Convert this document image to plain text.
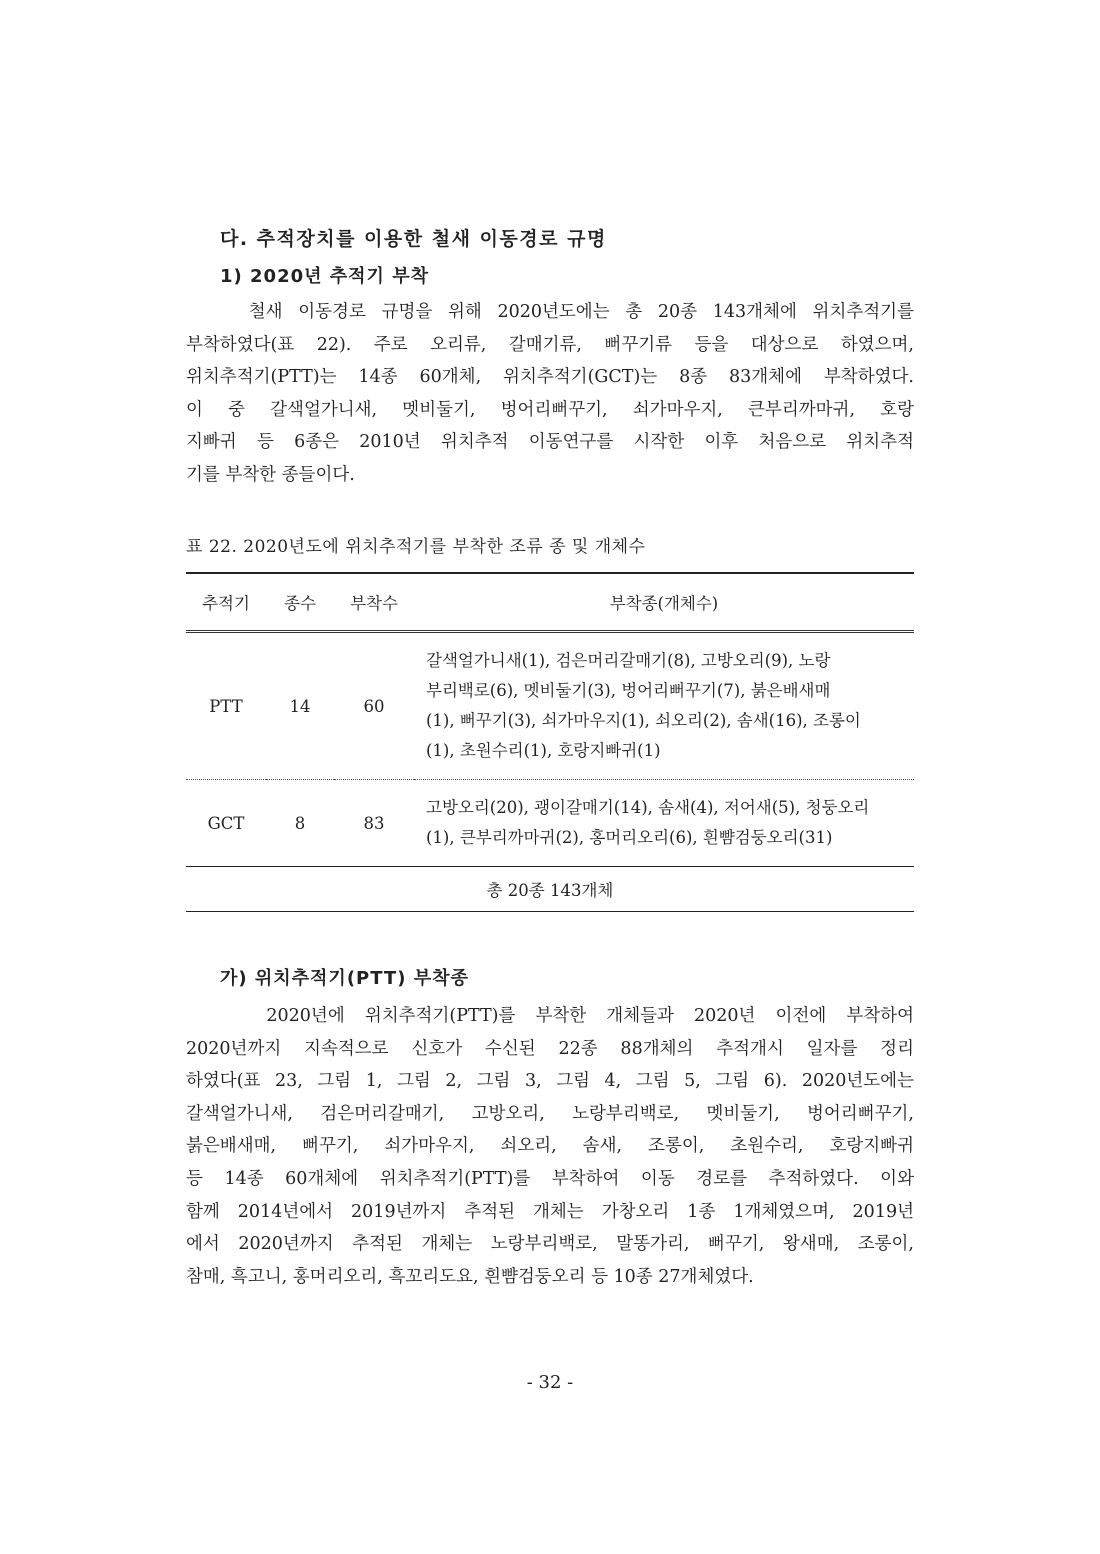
다. 추적장치를 이용한 철새 이동경로 규명
1) 2020년 추적기 부착

철새 이동경로 규명을 위해 2020년도에는 총 20종 143개체에 위치추적기를
부착하였다(표 22). 주로 오리류, 갈매기류, 뻐꾸기류 등을 대상으로 하였으며,
위치추적기(PTT)는 14종 60개체, 위치추적기(GCT)는 8종 83개체에 부착하였다.
이 중 갈색얼가니새, 멧비둘기, 벙어리뻐꾸기, 쇠가마우지, 큰부리까마귀, 호랑
지빠귀 등 6종은 2010년 위치추적 이동연구를 시작한 이후 처음으로 위치추적
기를 부착한 종들이다.

표 22. 2020년도에 위치추적기를 부착한 조류 종 및 개체수
추적기	종수	부착수	부착종(개체수)
PTT	14	60	갈색얼가니새(1), 검은머리갈매기(8), 고방오리(9), 노랑
부리백로(6), 멧비둘기(3), 벙어리뻐꾸기(7), 붉은배새매
(1), 뻐꾸기(3), 쇠가마우지(1), 쇠오리(2), 솜새(16), 조롱이
(1), 초원수리(1), 호랑지빠귀(1)

GCT	8	83	고방오리(20), 괭이갈매기(14), 솜새(4), 저어새(5), 청둥오리
(1), 큰부리까마귀(2), 홍머리오리(6), 흰뺨검둥오리(31)

총 20종 143개체			
가) 위치추적기(PTT) 부착종

2020년에 위치추적기(PTT)를 부착한 개체들과 2020년 이전에 부착하여
2020년까지 지속적으로 신호가 수신된 22종 88개체의 추적개시 일자를 정리
하였다(표 23, 그림 1, 그림 2, 그림 3, 그림 4, 그림 5, 그림 6). 2020년도에는
갈색얼가니새, 검은머리갈매기, 고방오리, 노랑부리백로, 멧비둘기, 벙어리뻐꾸기,
붉은배새매, 뻐꾸기, 쇠가마우지, 쇠오리, 솜새, 조롱이, 초원수리, 호랑지빠귀
등 14종 60개체에 위치추적기(PTT)를 부착하여 이동 경로를 추적하였다. 이와
함께 2014년에서 2019년까지 추적된 개체는 가창오리 1종 1개체였으며, 2019년
에서 2020년까지 추적된 개체는 노랑부리백로, 말똥가리, 뻐꾸기, 왕새매, 조롱이,
참매, 흑고니, 홍머리오리, 흑꼬리도요, 흰뺨검둥오리 등 10종 27개체였다.

- 32 -
